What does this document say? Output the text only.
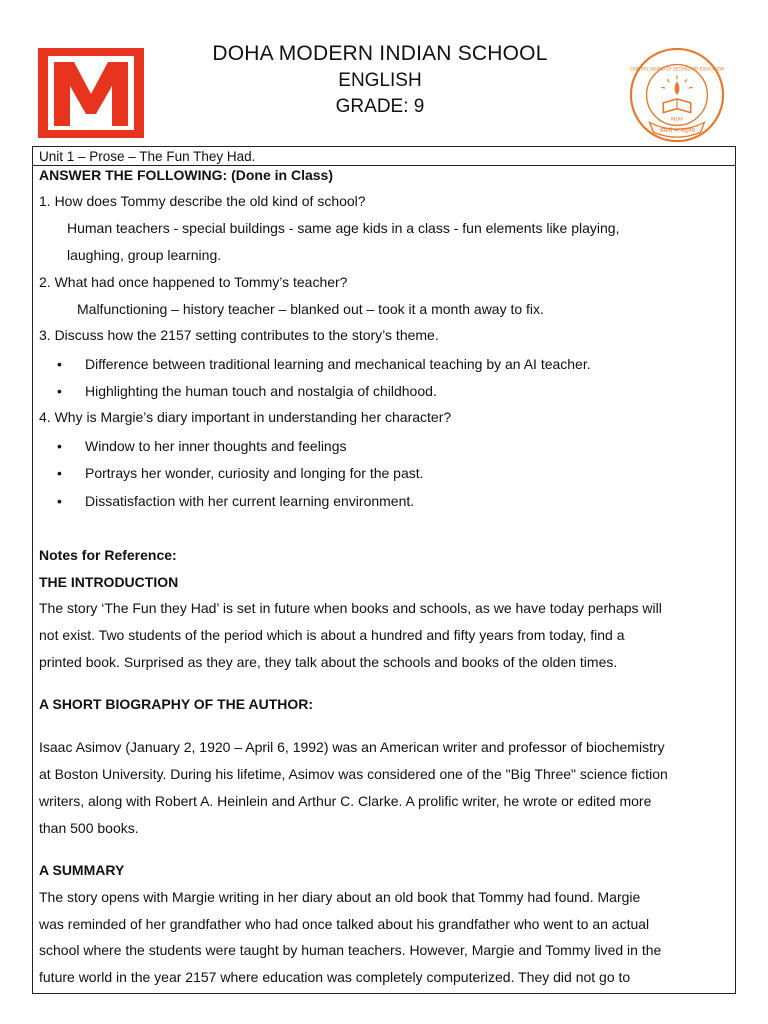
DOHA MODERN INDIAN SCHOOL
ENGLISH
GRADE: 9
असतो मा सद्गमय
CENTRAL BOARD OF SECONDARY EDUCATION
INDIA
Unit 1 – Prose – The Fun They Had.
ANSWER THE FOLLOWING: (Done in Class)
1. How does Tommy describe the old kind of school?
Human teachers - special buildings - same age kids in a class - fun elements like playing,
laughing, group learning.
2. What had once happened to Tommy’s teacher?
Malfunctioning – history teacher – blanked out – took it a month away to fix.
3. Discuss how the 2157 setting contributes to the story’s theme.
• Difference between traditional learning and mechanical teaching by an AI teacher.
• Highlighting the human touch and nostalgia of childhood.
4. Why is Margie’s diary important in understanding her character?
• Window to her inner thoughts and feelings
• Portrays her wonder, curiosity and longing for the past.
• Dissatisfaction with her current learning environment.
Notes for Reference:
THE INTRODUCTION
The story ‘The Fun they Had’ is set in future when books and schools, as we have today perhaps will
not exist. Two students of the period which is about a hundred and fifty years from today, find a
printed book. Surprised as they are, they talk about the schools and books of the olden times.
A SHORT BIOGRAPHY OF THE AUTHOR:
Isaac Asimov (January 2, 1920 – April 6, 1992) was an American writer and professor of biochemistry
at Boston University. During his lifetime, Asimov was considered one of the "Big Three" science fiction
writers, along with Robert A. Heinlein and Arthur C. Clarke. A prolific writer, he wrote or edited more
than 500 books.
A SUMMARY
The story opens with Margie writing in her diary about an old book that Tommy had found. Margie
was reminded of her grandfather who had once talked about his grandfather who went to an actual
school where the students were taught by human teachers. However, Margie and Tommy lived in the
future world in the year 2157 where education was completely computerized. They did not go to
